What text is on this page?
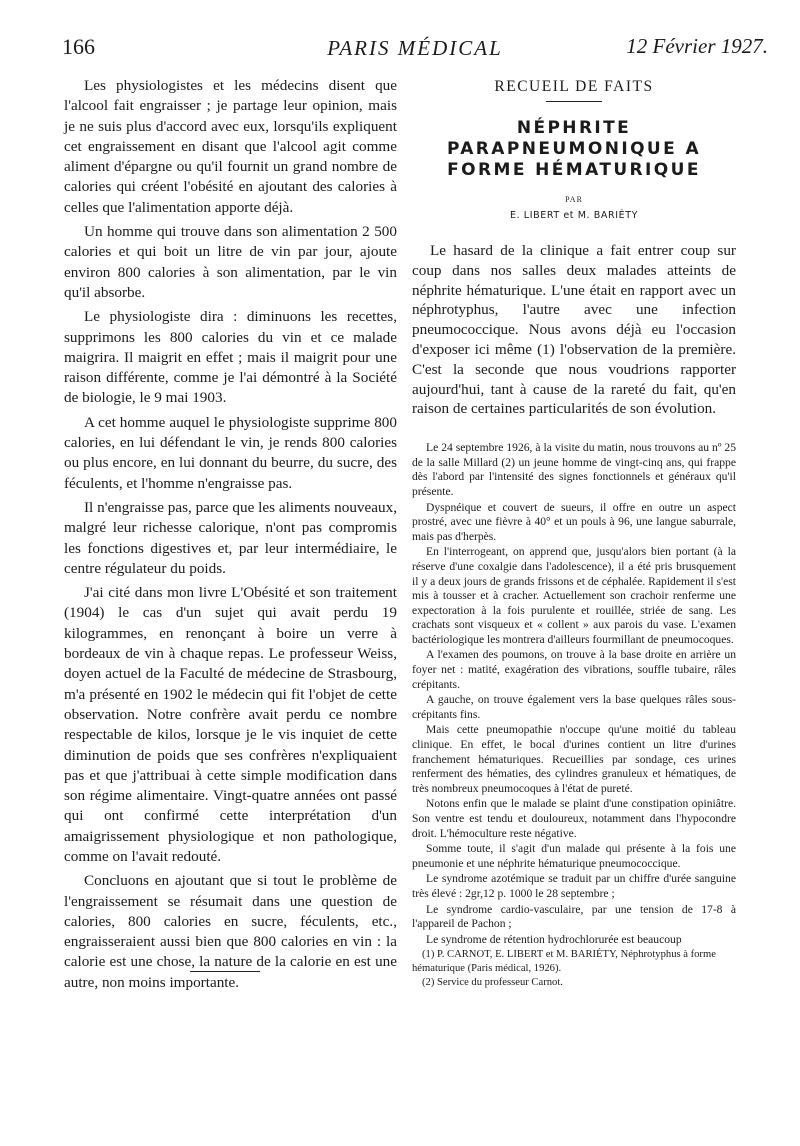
166	PARIS MÉDICAL	12 Février 1927.

Les physiologistes et les médecins disent que l'alcool fait engraisser ; je partage leur opinion, mais je ne suis plus d'accord avec eux, lorsqu'ils expliquent cet engraissement en disant que l'alcool agit comme aliment d'épargne ou qu'il fournit un grand nombre de calories qui créent l'obésité en ajoutant des calories à celles que l'alimentation apporte déjà.

Un homme qui trouve dans son alimentation 2 500 calories et qui boit un litre de vin par jour, ajoute environ 800 calories à son alimentation, par le vin qu'il absorbe.

Le physiologiste dira : diminuons les recettes, supprimons les 800 calories du vin et ce malade maigrira. Il maigrit en effet ; mais il maigrit pour une raison différente, comme je l'ai démontré à la Société de biologie, le 9 mai 1903.

A cet homme auquel le physiologiste supprime 800 calories, en lui défendant le vin, je rends 800 calories ou plus encore, en lui donnant du beurre, du sucre, des féculents, et l'homme n'engraisse pas.

Il n'engraisse pas, parce que les aliments nouveaux, malgré leur richesse calorique, n'ont pas compromis les fonctions digestives et, par leur intermédiaire, le centre régulateur du poids.

J'ai cité dans mon livre L'Obésité et son traitement (1904) le cas d'un sujet qui avait perdu 19 kilogrammes, en renonçant à boire un verre à bordeaux de vin à chaque repas. Le professeur Weiss, doyen actuel de la Faculté de médecine de Strasbourg, m'a présenté en 1902 le médecin qui fit l'objet de cette observation. Notre confrère avait perdu ce nombre respectable de kilos, lorsque je le vis inquiet de cette diminution de poids que ses confrères n'expliquaient pas et que j'attribuai à cette simple modification dans son régime alimentaire. Vingt-quatre années ont passé qui ont confirmé cette interprétation d'un amaigrissement physiologique et non pathologique, comme on l'avait redouté.

Concluons en ajoutant que si tout le problème de l'engraissement se résumait dans une question de calories, 800 calories en sucre, féculents, etc., engraisseraient aussi bien que 800 calories en vin : la calorie est une chose, la nature de la calorie en est une autre, non moins importante.

RECUEIL DE FAITS

NÉPHRITE
PARAPNEUMONIQUE A
FORME HÉMATURIQUE

PAR

E. LIBERT et M. BARIÉTY

Le hasard de la clinique a fait entrer coup sur coup dans nos salles deux malades atteints de néphrite hématurique. L'une était en rapport avec un néphrotyphus, l'autre avec une infection pneumococcique. Nous avons déjà eu l'occasion d'exposer ici même (1) l'observation de la première. C'est la seconde que nous voudrions rapporter aujourd'hui, tant à cause de la rareté du fait, qu'en raison de certaines particularités de son évolution.

Le 24 septembre 1926, à la visite du matin, nous trouvons au nº 25 de la salle Millard (2) un jeune homme de vingt-cinq ans, qui frappe dès l'abord par l'intensité des signes fonctionnels et généraux qu'il présente.

Dyspnéique et couvert de sueurs, il offre en outre un aspect prostré, avec une fièvre à 40° et un pouls à 96, une langue saburrale, mais pas d'herpès.

En l'interrogeant, on apprend que, jusqu'alors bien portant (à la réserve d'une coxalgie dans l'adolescence), il a été pris brusquement il y a deux jours de grands frissons et de céphalée. Rapidement il s'est mis à tousser et à cracher. Actuellement son crachoir renferme une expectoration à la fois purulente et rouillée, striée de sang. Les crachats sont visqueux et « collent » aux parois du vase. L'examen bactériologique les montrera d'ailleurs fourmillant de pneumocoques.

A l'examen des poumons, on trouve à la base droite en arrière un foyer net : matité, exagération des vibrations, souffle tubaire, râles crépitants.

A gauche, on trouve également vers la base quelques râles sous-crépitants fins.

Mais cette pneumopathie n'occupe qu'une moitié du tableau clinique. En effet, le bocal d'urines contient un litre d'urines franchement hématuriques. Recueillies par sondage, ces urines renferment des hématies, des cylindres granuleux et hématiques, de très nombreux pneumocoques à l'état de pureté.

Notons enfin que le malade se plaint d'une constipation opiniâtre. Son ventre est tendu et douloureux, notamment dans l'hypocondre droit. L'hémoculture reste négative.

Somme toute, il s'agit d'un malade qui présente à la fois une pneumonie et une néphrite hématurique pneumococcique.

Le syndrome azotémique se traduit par un chiffre d'urée sanguine très élevé : 2gr,12 p. 1000 le 28 septembre ;

Le syndrome cardio-vasculaire, par une tension de 17-8 à l'appareil de Pachon ;

Le syndrome de rétention hydrochlorurée est beaucoup

(1) P. CARNOT, E. LIBERT et M. BARIÉTY, Néphrotyphus à forme hématurique (Paris médical, 1926).

(2) Service du professeur Carnot.
